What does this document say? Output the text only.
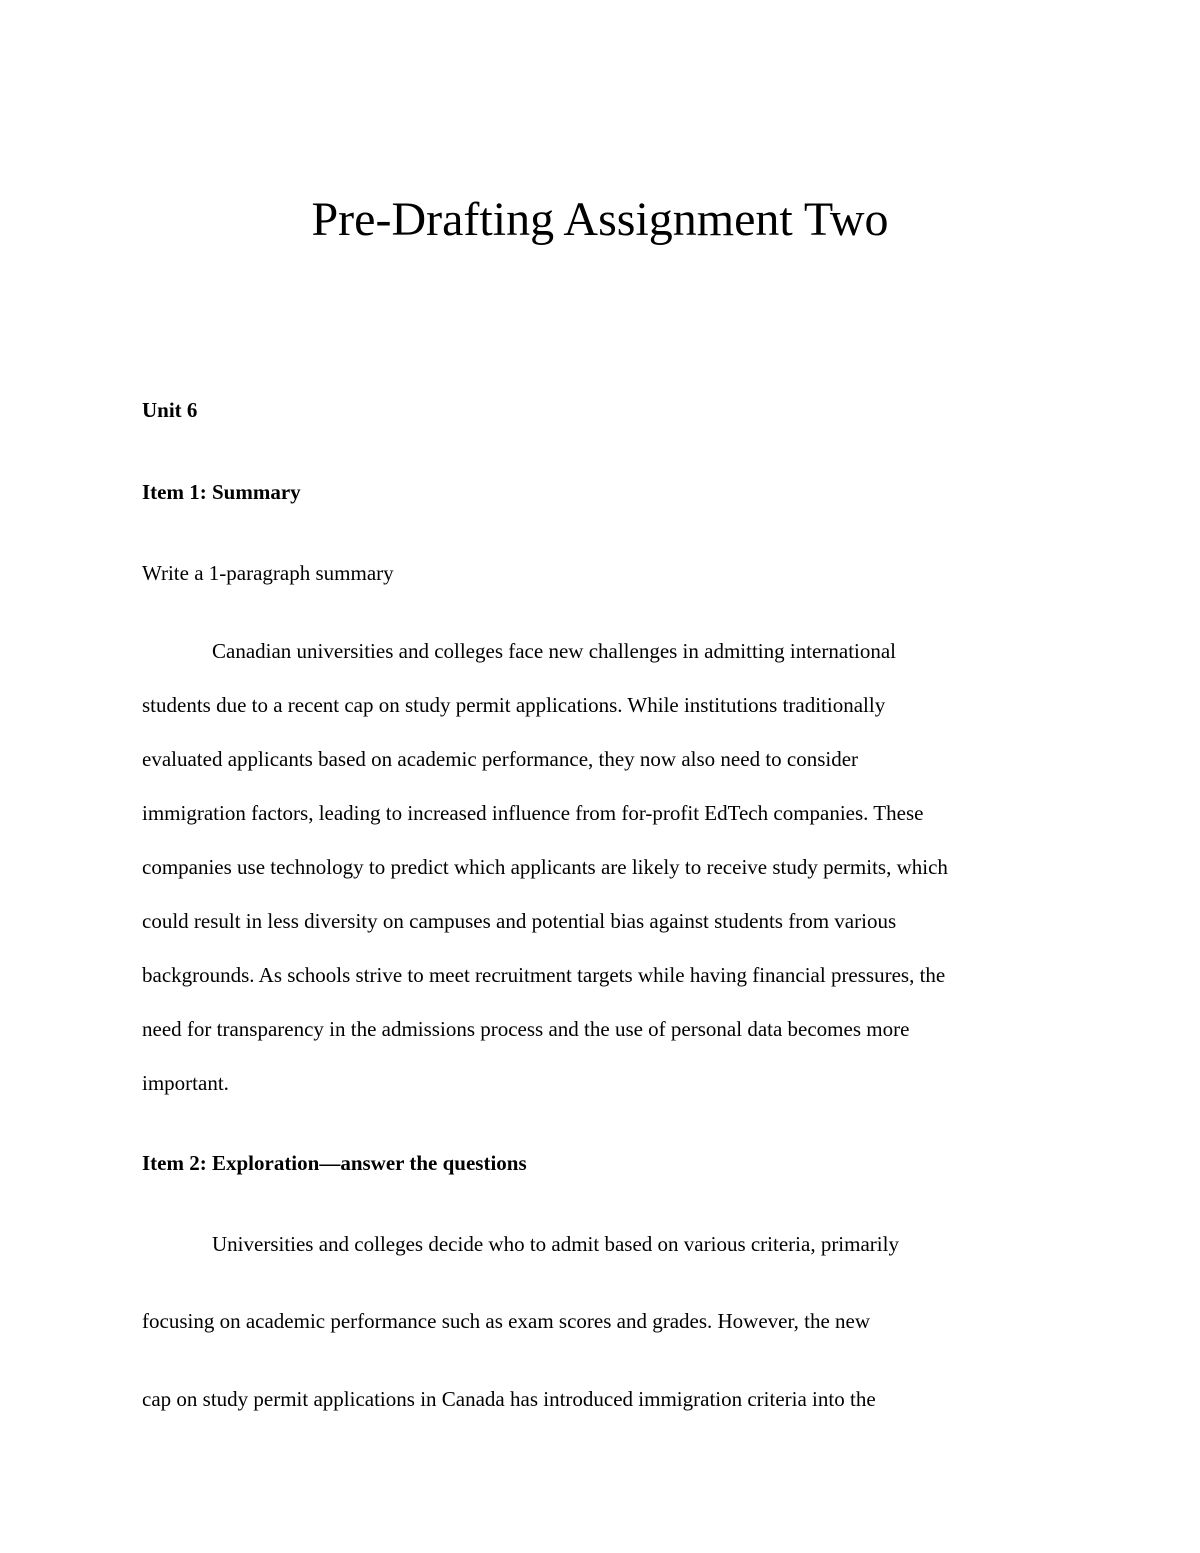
Pre-Drafting Assignment Two

Unit 6

Item 1: Summary

Write a 1-paragraph summary

Canadian universities and colleges face new challenges in admitting international
students due to a recent cap on study permit applications. While institutions traditionally
evaluated applicants based on academic performance, they now also need to consider
immigration factors, leading to increased influence from for-profit EdTech companies. These
companies use technology to predict which applicants are likely to receive study permits, which
could result in less diversity on campuses and potential bias against students from various
backgrounds. As schools strive to meet recruitment targets while having financial pressures, the
need for transparency in the admissions process and the use of personal data becomes more
important.

Item 2: Exploration—answer the questions

Universities and colleges decide who to admit based on various criteria, primarily
focusing on academic performance such as exam scores and grades. However, the new
cap on study permit applications in Canada has introduced immigration criteria into the
